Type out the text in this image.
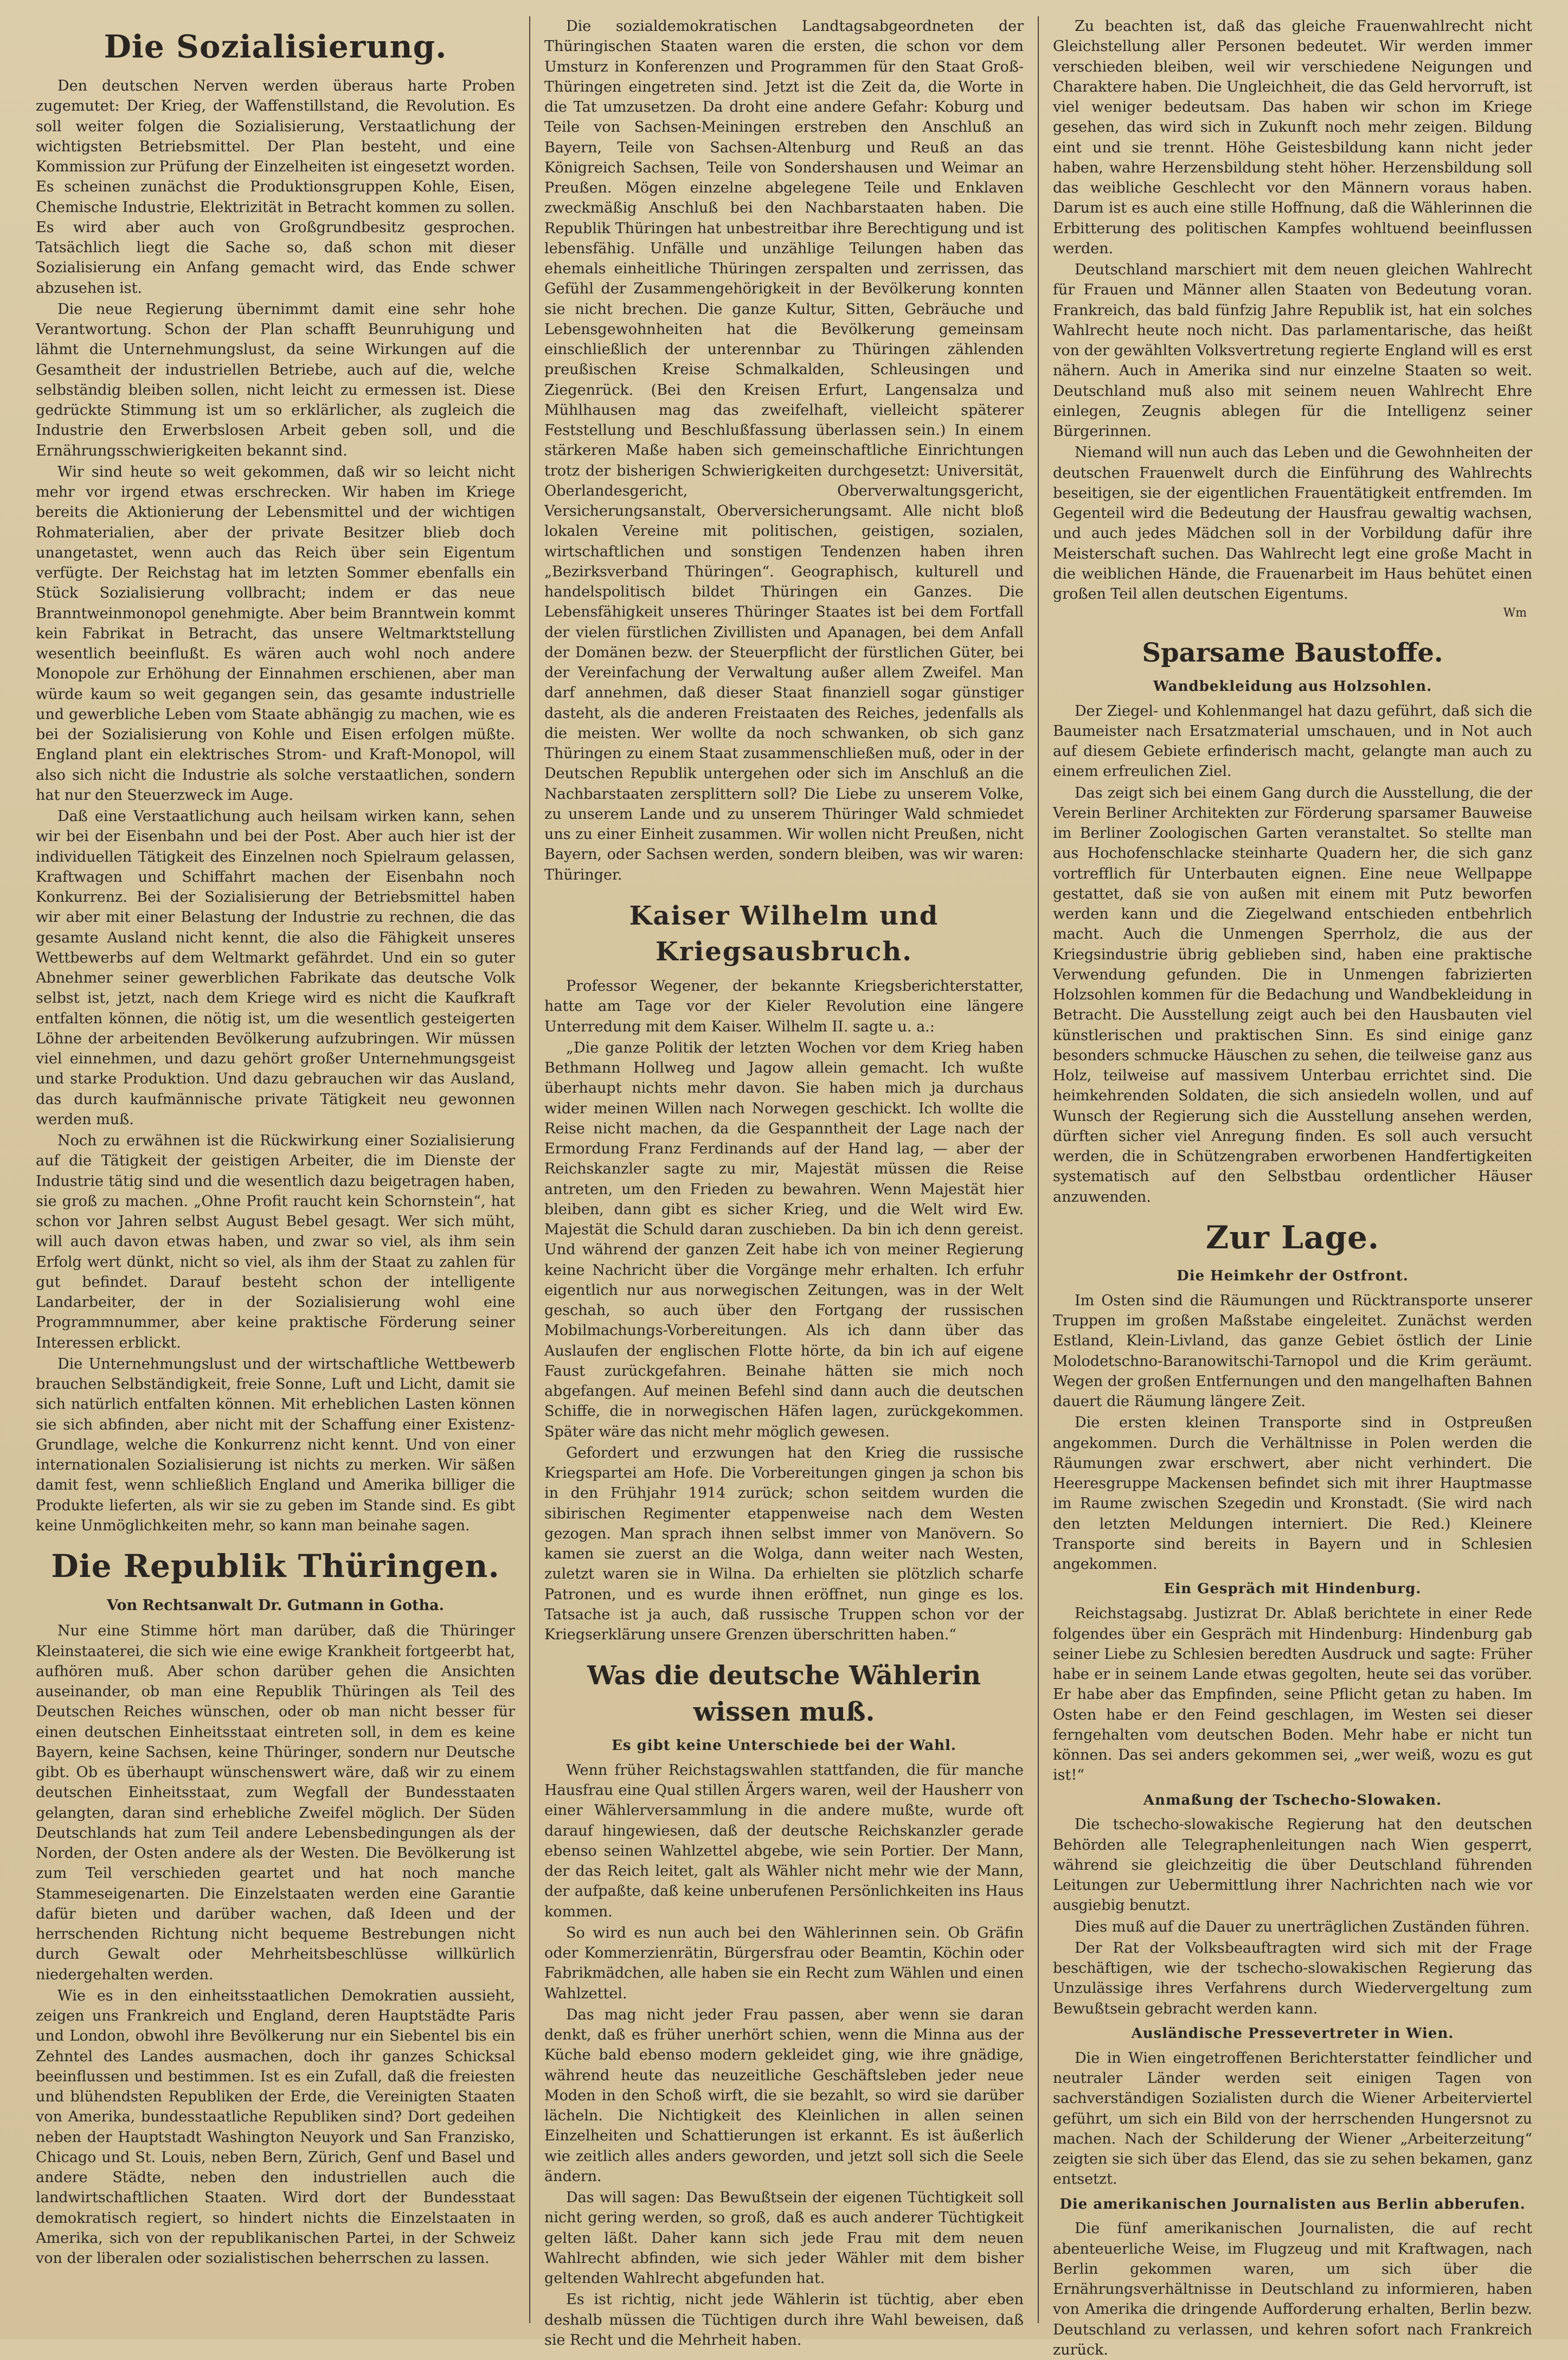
Die Sozialisierung.

Den deutschen Nerven werden überaus harte Proben zugemutet: Der Krieg, der Waffenstillstand, die Revolution. Es soll weiter folgen die Sozialisierung, Verstaatlichung der wichtigsten Betriebsmittel. Der Plan besteht, und eine Kommission zur Prüfung der Einzelheiten ist eingesetzt worden. Es scheinen zunächst die Produktionsgruppen Kohle, Eisen, Chemische Industrie, Elektrizität in Betracht kommen zu sollen. Es wird aber auch von Großgrundbesitz gesprochen. Tatsächlich liegt die Sache so, daß schon mit dieser Sozialisierung ein Anfang gemacht wird, das Ende schwer abzusehen ist.

Die neue Regierung übernimmt damit eine sehr hohe Verantwortung. Schon der Plan schafft Beunruhigung und lähmt die Unternehmungslust, da seine Wirkungen auf die Gesamtheit der industriellen Betriebe, auch auf die, welche selbständig bleiben sollen, nicht leicht zu ermessen ist. Diese gedrückte Stimmung ist um so erklärlicher, als zugleich die Industrie den Erwerbslosen Arbeit geben soll, und die Ernährungsschwierigkeiten bekannt sind.

Wir sind heute so weit gekommen, daß wir so leicht nicht mehr vor irgend etwas erschrecken. Wir haben im Kriege bereits die Aktionierung der Lebensmittel und der wichtigen Rohmaterialien, aber der private Besitzer blieb doch unangetastet, wenn auch das Reich über sein Eigentum verfügte. Der Reichstag hat im letzten Sommer ebenfalls ein Stück Sozialisierung vollbracht; indem er das neue Branntweinmonopol genehmigte. Aber beim Branntwein kommt kein Fabrikat in Betracht, das unsere Weltmarktstellung wesentlich beeinflußt. Es wären auch wohl noch andere Monopole zur Erhöhung der Einnahmen erschienen, aber man würde kaum so weit gegangen sein, das gesamte industrielle und gewerbliche Leben vom Staate abhängig zu machen, wie es bei der Sozialisierung von Kohle und Eisen erfolgen müßte. England plant ein elektrisches Strom- und Kraft-Monopol, will also sich nicht die Industrie als solche verstaatlichen, sondern hat nur den Steuerzweck im Auge.

Daß eine Verstaatlichung auch heilsam wirken kann, sehen wir bei der Eisenbahn und bei der Post. Aber auch hier ist der individuellen Tätigkeit des Einzelnen noch Spielraum gelassen, Kraftwagen und Schiffahrt machen der Eisenbahn noch Konkurrenz. Bei der Sozialisierung der Betriebsmittel haben wir aber mit einer Belastung der Industrie zu rechnen, die das gesamte Ausland nicht kennt, die also die Fähigkeit unseres Wettbewerbs auf dem Weltmarkt gefährdet. Und ein so guter Abnehmer seiner gewerblichen Fabrikate das deutsche Volk selbst ist, jetzt, nach dem Kriege wird es nicht die Kaufkraft entfalten können, die nötig ist, um die wesentlich gesteigerten Löhne der arbeitenden Bevölkerung aufzubringen. Wir müssen viel einnehmen, und dazu gehört großer Unternehmungsgeist und starke Produktion. Und dazu gebrauchen wir das Ausland, das durch kaufmännische private Tätigkeit neu gewonnen werden muß.

Noch zu erwähnen ist die Rückwirkung einer Sozialisierung auf die Tätigkeit der geistigen Arbeiter, die im Dienste der Industrie tätig sind und die wesentlich dazu beigetragen haben, sie groß zu machen. „Ohne Profit raucht kein Schornstein“, hat schon vor Jahren selbst August Bebel gesagt. Wer sich müht, will auch davon etwas haben, und zwar so viel, als ihm sein Erfolg wert dünkt, nicht so viel, als ihm der Staat zu zahlen für gut befindet. Darauf besteht schon der intelligente Landarbeiter, der in der Sozialisierung wohl eine Programmnummer, aber keine praktische Förderung seiner Interessen erblickt.

Die Unternehmungslust und der wirtschaftliche Wettbewerb brauchen Selbständigkeit, freie Sonne, Luft und Licht, damit sie sich natürlich entfalten können. Mit erheblichen Lasten können sie sich abfinden, aber nicht mit der Schaffung einer Existenz-Grundlage, welche die Konkurrenz nicht kennt. Und von einer internationalen Sozialisierung ist nichts zu merken. Wir säßen damit fest, wenn schließlich England und Amerika billiger die Produkte lieferten, als wir sie zu geben im Stande sind. Es gibt keine Unmöglichkeiten mehr, so kann man beinahe sagen.

Die Republik Thüringen.
Von Rechtsanwalt Dr. Gutmann in Gotha.

Nur eine Stimme hört man darüber, daß die Thüringer Kleinstaaterei, die sich wie eine ewige Krankheit fortgeerbt hat, aufhören muß. Aber schon darüber gehen die Ansichten auseinander, ob man eine Republik Thüringen als Teil des Deutschen Reiches wünschen, oder ob man nicht besser für einen deutschen Einheitsstaat eintreten soll, in dem es keine Bayern, keine Sachsen, keine Thüringer, sondern nur Deutsche gibt. Ob es überhaupt wünschenswert wäre, daß wir zu einem deutschen Einheitsstaat, zum Wegfall der Bundesstaaten gelangten, daran sind erhebliche Zweifel möglich. Der Süden Deutschlands hat zum Teil andere Lebensbedingungen als der Norden, der Osten andere als der Westen. Die Bevölkerung ist zum Teil verschieden geartet und hat noch manche Stammeseigenarten. Die Einzelstaaten werden eine Garantie dafür bieten und darüber wachen, daß Ideen und der herrschenden Richtung nicht bequeme Bestrebungen nicht durch Gewalt oder Mehrheitsbeschlüsse willkürlich niedergehalten werden.

Wie es in den einheitsstaatlichen Demokratien aussieht, zeigen uns Frankreich und England, deren Hauptstädte Paris und London, obwohl ihre Bevölkerung nur ein Siebentel bis ein Zehntel des Landes ausmachen, doch ihr ganzes Schicksal beeinflussen und bestimmen. Ist es ein Zufall, daß die freiesten und blühendsten Republiken der Erde, die Vereinigten Staaten von Amerika, bundesstaatliche Republiken sind? Dort gedeihen neben der Hauptstadt Washington Neuyork und San Franzisko, Chicago und St. Louis, neben Bern, Zürich, Genf und Basel und andere Städte, neben den industriellen auch die landwirtschaftlichen Staaten. Wird dort der Bundesstaat demokratisch regiert, so hindert nichts die Einzelstaaten in Amerika, sich von der republikanischen Partei, in der Schweiz von der liberalen oder sozialistischen beherrschen zu lassen.

Die sozialdemokratischen Landtagsabgeordneten der Thüringischen Staaten waren die ersten, die schon vor dem Umsturz in Konferenzen und Programmen für den Staat Groß-Thüringen eingetreten sind. Jetzt ist die Zeit da, die Worte in die Tat umzusetzen. Da droht eine andere Gefahr: Koburg und Teile von Sachsen-Meiningen erstreben den Anschluß an Bayern, Teile von Sachsen-Altenburg und Reuß an das Königreich Sachsen, Teile von Sondershausen und Weimar an Preußen. Mögen einzelne abgelegene Teile und Enklaven zweckmäßig Anschluß bei den Nachbarstaaten haben. Die Republik Thüringen hat unbestreitbar ihre Berechtigung und ist lebensfähig. Unfälle und unzählige Teilungen haben das ehemals einheitliche Thüringen zerspalten und zerrissen, das Gefühl der Zusammengehörigkeit in der Bevölkerung konnten sie nicht brechen. Die ganze Kultur, Sitten, Gebräuche und Lebensgewohnheiten hat die Bevölkerung gemeinsam einschließlich der unterennbar zu Thüringen zählenden preußischen Kreise Schmalkalden, Schleusingen und Ziegenrück. (Bei den Kreisen Erfurt, Langensalza und Mühlhausen mag das zweifelhaft, vielleicht späterer Feststellung und Beschlußfassung überlassen sein.) In einem stärkeren Maße haben sich gemeinschaftliche Einrichtungen trotz der bisherigen Schwierigkeiten durchgesetzt: Universität, Oberlandesgericht, Oberverwaltungsgericht, Versicherungsanstalt, Oberversicherungsamt. Alle nicht bloß lokalen Vereine mit politischen, geistigen, sozialen, wirtschaftlichen und sonstigen Tendenzen haben ihren „Bezirksverband Thüringen“. Geographisch, kulturell und handelspolitisch bildet Thüringen ein Ganzes. Die Lebensfähigkeit unseres Thüringer Staates ist bei dem Fortfall der vielen fürstlichen Zivillisten und Apanagen, bei dem Anfall der Domänen bezw. der Steuerpflicht der fürstlichen Güter, bei der Vereinfachung der Verwaltung außer allem Zweifel. Man darf annehmen, daß dieser Staat finanziell sogar günstiger dasteht, als die anderen Freistaaten des Reiches, jedenfalls als die meisten. Wer wollte da noch schwanken, ob sich ganz Thüringen zu einem Staat zusammenschließen muß, oder in der Deutschen Republik untergehen oder sich im Anschluß an die Nachbarstaaten zersplittern soll? Die Liebe zu unserem Volke, zu unserem Lande und zu unserem Thüringer Wald schmiedet uns zu einer Einheit zusammen. Wir wollen nicht Preußen, nicht Bayern, oder Sachsen werden, sondern bleiben, was wir waren: Thüringer.

Kaiser Wilhelm und Kriegsausbruch.

Professor Wegener, der bekannte Kriegsberichterstatter, hatte am Tage vor der Kieler Revolution eine längere Unterredung mit dem Kaiser. Wilhelm II. sagte u. a.:

„Die ganze Politik der letzten Wochen vor dem Krieg haben Bethmann Hollweg und Jagow allein gemacht. Ich wußte überhaupt nichts mehr davon. Sie haben mich ja durchaus wider meinen Willen nach Norwegen geschickt. Ich wollte die Reise nicht machen, da die Gespanntheit der Lage nach der Ermordung Franz Ferdinands auf der Hand lag, — aber der Reichskanzler sagte zu mir, Majestät müssen die Reise antreten, um den Frieden zu bewahren. Wenn Majestät hier bleiben, dann gibt es sicher Krieg, und die Welt wird Ew. Majestät die Schuld daran zuschieben. Da bin ich denn gereist. Und während der ganzen Zeit habe ich von meiner Regierung keine Nachricht über die Vorgänge mehr erhalten. Ich erfuhr eigentlich nur aus norwegischen Zeitungen, was in der Welt geschah, so auch über den Fortgang der russischen Mobilmachungs-Vorbereitungen. Als ich dann über das Auslaufen der englischen Flotte hörte, da bin ich auf eigene Faust zurückgefahren. Beinahe hätten sie mich noch abgefangen. Auf meinen Befehl sind dann auch die deutschen Schiffe, die in norwegischen Häfen lagen, zurückgekommen. Später wäre das nicht mehr möglich gewesen.

Gefordert und erzwungen hat den Krieg die russische Kriegspartei am Hofe. Die Vorbereitungen gingen ja schon bis in den Frühjahr 1914 zurück; schon seitdem wurden die sibirischen Regimenter etappenweise nach dem Westen gezogen. Man sprach ihnen selbst immer von Manövern. So kamen sie zuerst an die Wolga, dann weiter nach Westen, zuletzt waren sie in Wilna. Da erhielten sie plötzlich scharfe Patronen, und es wurde ihnen eröffnet, nun ginge es los. Tatsache ist ja auch, daß russische Truppen schon vor der Kriegserklärung unsere Grenzen überschritten haben.“

Was die deutsche Wählerin wissen muß.
Es gibt keine Unterschiede bei der Wahl.

Wenn früher Reichstagswahlen stattfanden, die für manche Hausfrau eine Qual stillen Ärgers waren, weil der Hausherr von einer Wählerversammlung in die andere mußte, wurde oft darauf hingewiesen, daß der deutsche Reichskanzler gerade ebenso seinen Wahlzettel abgebe, wie sein Portier. Der Mann, der das Reich leitet, galt als Wähler nicht mehr wie der Mann, der aufpaßte, daß keine unberufenen Persönlichkeiten ins Haus kommen.

So wird es nun auch bei den Wählerinnen sein. Ob Gräfin oder Kommerzienrätin, Bürgersfrau oder Beamtin, Köchin oder Fabrikmädchen, alle haben sie ein Recht zum Wählen und einen Wahlzettel.

Das mag nicht jeder Frau passen, aber wenn sie daran denkt, daß es früher unerhört schien, wenn die Minna aus der Küche bald ebenso modern gekleidet ging, wie ihre gnädige, während heute das neuzeitliche Geschäftsleben jeder neue Moden in den Schoß wirft, die sie bezahlt, so wird sie darüber lächeln. Die Nichtigkeit des Kleinlichen in allen seinen Einzelheiten und Schattierungen ist erkannt. Es ist äußerlich wie zeitlich alles anders geworden, und jetzt soll sich die Seele ändern.

Das will sagen: Das Bewußtsein der eigenen Tüchtigkeit soll nicht gering werden, so groß, daß es auch anderer Tüchtigkeit gelten läßt. Daher kann sich jede Frau mit dem neuen Wahlrecht abfinden, wie sich jeder Wähler mit dem bisher geltenden Wahlrecht abgefunden hat.

Es ist richtig, nicht jede Wählerin ist tüchtig, aber eben deshalb müssen die Tüchtigen durch ihre Wahl beweisen, daß sie Recht und die Mehrheit haben.

Zu beachten ist, daß das gleiche Frauenwahlrecht nicht Gleichstellung aller Personen bedeutet. Wir werden immer verschieden bleiben, weil wir verschiedene Neigungen und Charaktere haben. Die Ungleichheit, die das Geld hervorruft, ist viel weniger bedeutsam. Das haben wir schon im Kriege gesehen, das wird sich in Zukunft noch mehr zeigen. Bildung eint und sie trennt. Höhe Geistesbildung kann nicht jeder haben, wahre Herzensbildung steht höher. Herzensbildung soll das weibliche Geschlecht vor den Männern voraus haben. Darum ist es auch eine stille Hoffnung, daß die Wählerinnen die Erbitterung des politischen Kampfes wohltuend beeinflussen werden.

Deutschland marschiert mit dem neuen gleichen Wahlrecht für Frauen und Männer allen Staaten von Bedeutung voran. Frankreich, das bald fünfzig Jahre Republik ist, hat ein solches Wahlrecht heute noch nicht. Das parlamentarische, das heißt von der gewählten Volksvertretung regierte England will es erst nähern. Auch in Amerika sind nur einzelne Staaten so weit. Deutschland muß also mit seinem neuen Wahlrecht Ehre einlegen, Zeugnis ablegen für die Intelligenz seiner Bürgerinnen.

Niemand will nun auch das Leben und die Gewohnheiten der deutschen Frauenwelt durch die Einführung des Wahlrechts beseitigen, sie der eigentlichen Frauentätigkeit entfremden. Im Gegenteil wird die Bedeutung der Hausfrau gewaltig wachsen, und auch jedes Mädchen soll in der Vorbildung dafür ihre Meisterschaft suchen. Das Wahlrecht legt eine große Macht in die weiblichen Hände, die Frauenarbeit im Haus behütet einen großen Teil allen deutschen Eigentums.

Wm
Sparsame Baustoffe.
Wandbekleidung aus Holzsohlen.

Der Ziegel- und Kohlenmangel hat dazu geführt, daß sich die Baumeister nach Ersatzmaterial umschauen, und in Not auch auf diesem Gebiete erfinderisch macht, gelangte man auch zu einem erfreulichen Ziel.

Das zeigt sich bei einem Gang durch die Ausstellung, die der Verein Berliner Architekten zur Förderung sparsamer Bauweise im Berliner Zoologischen Garten veranstaltet. So stellte man aus Hochofenschlacke steinharte Quadern her, die sich ganz vortrefflich für Unterbauten eignen. Eine neue Wellpappe gestattet, daß sie von außen mit einem mit Putz beworfen werden kann und die Ziegelwand entschieden entbehrlich macht. Auch die Unmengen Sperrholz, die aus der Kriegsindustrie übrig geblieben sind, haben eine praktische Verwendung gefunden. Die in Unmengen fabrizierten Holzsohlen kommen für die Bedachung und Wandbekleidung in Betracht. Die Ausstellung zeigt auch bei den Hausbauten viel künstlerischen und praktischen Sinn. Es sind einige ganz besonders schmucke Häuschen zu sehen, die teilweise ganz aus Holz, teilweise auf massivem Unterbau errichtet sind. Die heimkehrenden Soldaten, die sich ansiedeln wollen, und auf Wunsch der Regierung sich die Ausstellung ansehen werden, dürften sicher viel Anregung finden. Es soll auch versucht werden, die in Schützengraben erworbenen Handfertigkeiten systematisch auf den Selbstbau ordentlicher Häuser anzuwenden.

Zur Lage.
Die Heimkehr der Ostfront.

Im Osten sind die Räumungen und Rücktransporte unserer Truppen im großen Maßstabe eingeleitet. Zunächst werden Estland, Klein-Livland, das ganze Gebiet östlich der Linie Molodetschno-Baranowitschi-Tarnopol und die Krim geräumt. Wegen der großen Entfernungen und den mangelhaften Bahnen dauert die Räumung längere Zeit.

Die ersten kleinen Transporte sind in Ostpreußen angekommen. Durch die Verhältnisse in Polen werden die Räumungen zwar erschwert, aber nicht verhindert. Die Heeresgruppe Mackensen befindet sich mit ihrer Hauptmasse im Raume zwischen Szegedin und Kronstadt. (Sie wird nach den letzten Meldungen interniert. Die Red.) Kleinere Transporte sind bereits in Bayern und in Schlesien angekommen.

Ein Gespräch mit Hindenburg.

Reichstagsabg. Justizrat Dr. Ablaß berichtete in einer Rede folgendes über ein Gespräch mit Hindenburg: Hindenburg gab seiner Liebe zu Schlesien beredten Ausdruck und sagte: Früher habe er in seinem Lande etwas gegolten, heute sei das vorüber. Er habe aber das Empfinden, seine Pflicht getan zu haben. Im Osten habe er den Feind geschlagen, im Westen sei dieser ferngehalten vom deutschen Boden. Mehr habe er nicht tun können. Das sei anders gekommen sei, „wer weiß, wozu es gut ist!“

Anmaßung der Tschecho-Slowaken.

Die tschecho-slowakische Regierung hat den deutschen Behörden alle Telegraphenleitungen nach Wien gesperrt, während sie gleichzeitig die über Deutschland führenden Leitungen zur Uebermittlung ihrer Nachrichten nach wie vor ausgiebig benutzt.

Dies muß auf die Dauer zu unerträglichen Zuständen führen.

Der Rat der Volksbeauftragten wird sich mit der Frage beschäftigen, wie der tschecho-slowakischen Regierung das Unzulässige ihres Verfahrens durch Wiedervergeltung zum Bewußtsein gebracht werden kann.

Ausländische Pressevertreter in Wien.

Die in Wien eingetroffenen Berichterstatter feindlicher und neutraler Länder werden seit einigen Tagen von sachverständigen Sozialisten durch die Wiener Arbeiterviertel geführt, um sich ein Bild von der herrschenden Hungersnot zu machen. Nach der Schilderung der Wiener „Arbeiterzeitung“ zeigten sie sich über das Elend, das sie zu sehen bekamen, ganz entsetzt.

Die amerikanischen Journalisten aus Berlin abberufen.

Die fünf amerikanischen Journalisten, die auf recht abenteuerliche Weise, im Flugzeug und mit Kraftwagen, nach Berlin gekommen waren, um sich über die Ernährungsverhältnisse in Deutschland zu informieren, haben von Amerika die dringende Aufforderung erhalten, Berlin bezw. Deutschland zu verlassen, und kehren sofort nach Frankreich zurück.
